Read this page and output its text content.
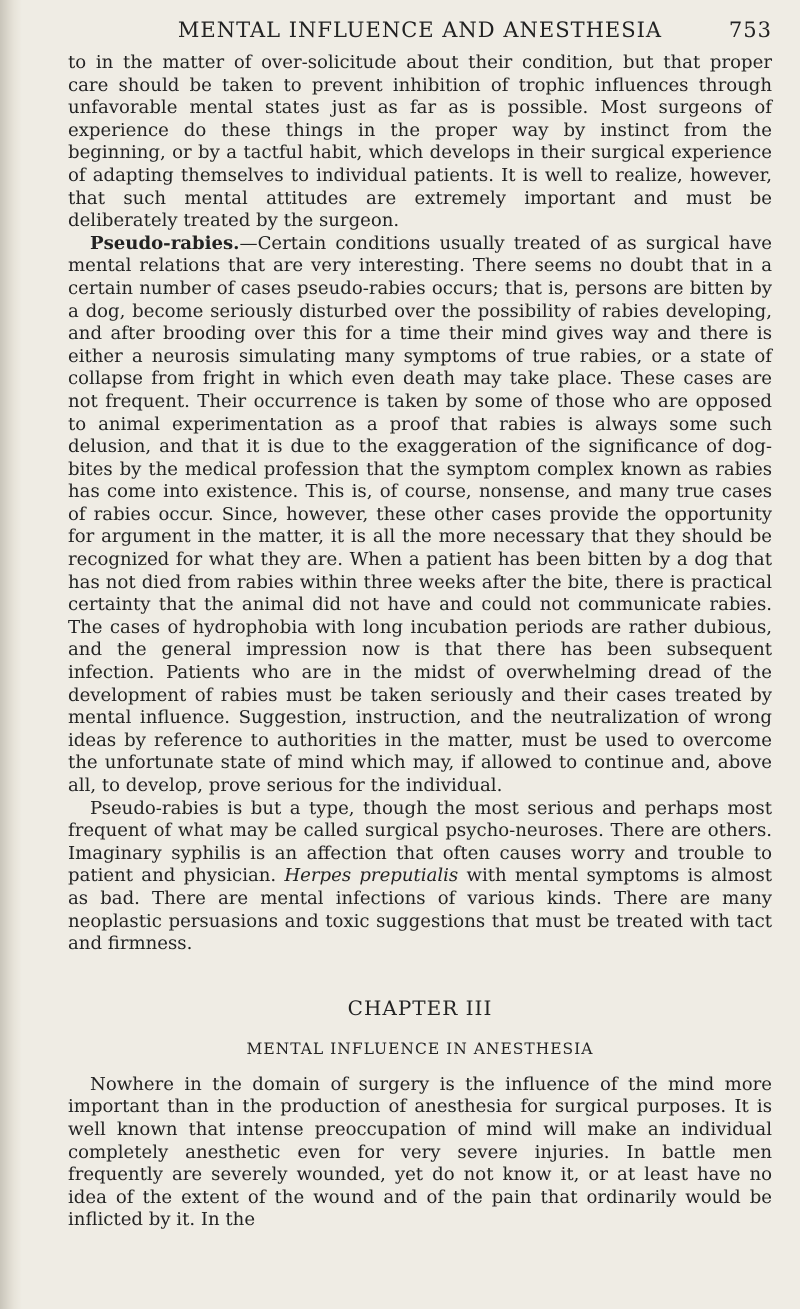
MENTAL INFLUENCE AND ANESTHESIA	753

to in the matter of over-solicitude about their condition, but that proper care should be taken to prevent inhibition of trophic influences through unfavorable mental states just as far as is possible. Most surgeons of experience do these things in the proper way by instinct from the beginning, or by a tactful habit, which develops in their surgical experience of adapting themselves to individual patients. It is well to realize, however, that such mental attitudes are extremely important and must be deliberately treated by the surgeon.

Pseudo-rabies.—Certain conditions usually treated of as surgical have mental relations that are very interesting. There seems no doubt that in a certain number of cases pseudo-rabies occurs; that is, persons are bitten by a dog, become seriously disturbed over the possibility of rabies developing, and after brooding over this for a time their mind gives way and there is either a neurosis simulating many symptoms of true rabies, or a state of collapse from fright in which even death may take place. These cases are not frequent. Their occurrence is taken by some of those who are opposed to animal experimentation as a proof that rabies is always some such delusion, and that it is due to the exaggeration of the significance of dog-bites by the medical profession that the symptom complex known as rabies has come into existence. This is, of course, nonsense, and many true cases of rabies occur. Since, however, these other cases provide the opportunity for argument in the matter, it is all the more necessary that they should be recognized for what they are. When a patient has been bitten by a dog that has not died from rabies within three weeks after the bite, there is practical certainty that the animal did not have and could not communicate rabies. The cases of hydrophobia with long incubation periods are rather dubious, and the general impression now is that there has been subsequent infection. Patients who are in the midst of overwhelming dread of the development of rabies must be taken seriously and their cases treated by mental influence. Suggestion, instruction, and the neutralization of wrong ideas by reference to authorities in the matter, must be used to overcome the unfortunate state of mind which may, if allowed to continue and, above all, to develop, prove serious for the individual.

Pseudo-rabies is but a type, though the most serious and perhaps most frequent of what may be called surgical psycho-neuroses. There are others. Imaginary syphilis is an affection that often causes worry and trouble to patient and physician. Herpes preputialis with mental symptoms is almost as bad. There are mental infections of various kinds. There are many neoplastic persuasions and toxic suggestions that must be treated with tact and firmness.

CHAPTER III
MENTAL INFLUENCE IN ANESTHESIA

Nowhere in the domain of surgery is the influence of the mind more important than in the production of anesthesia for surgical purposes. It is well known that intense preoccupation of mind will make an individual completely anesthetic even for very severe injuries. In battle men frequently are severely wounded, yet do not know it, or at least have no idea of the extent of the wound and of the pain that ordinarily would be inflicted by it. In the
